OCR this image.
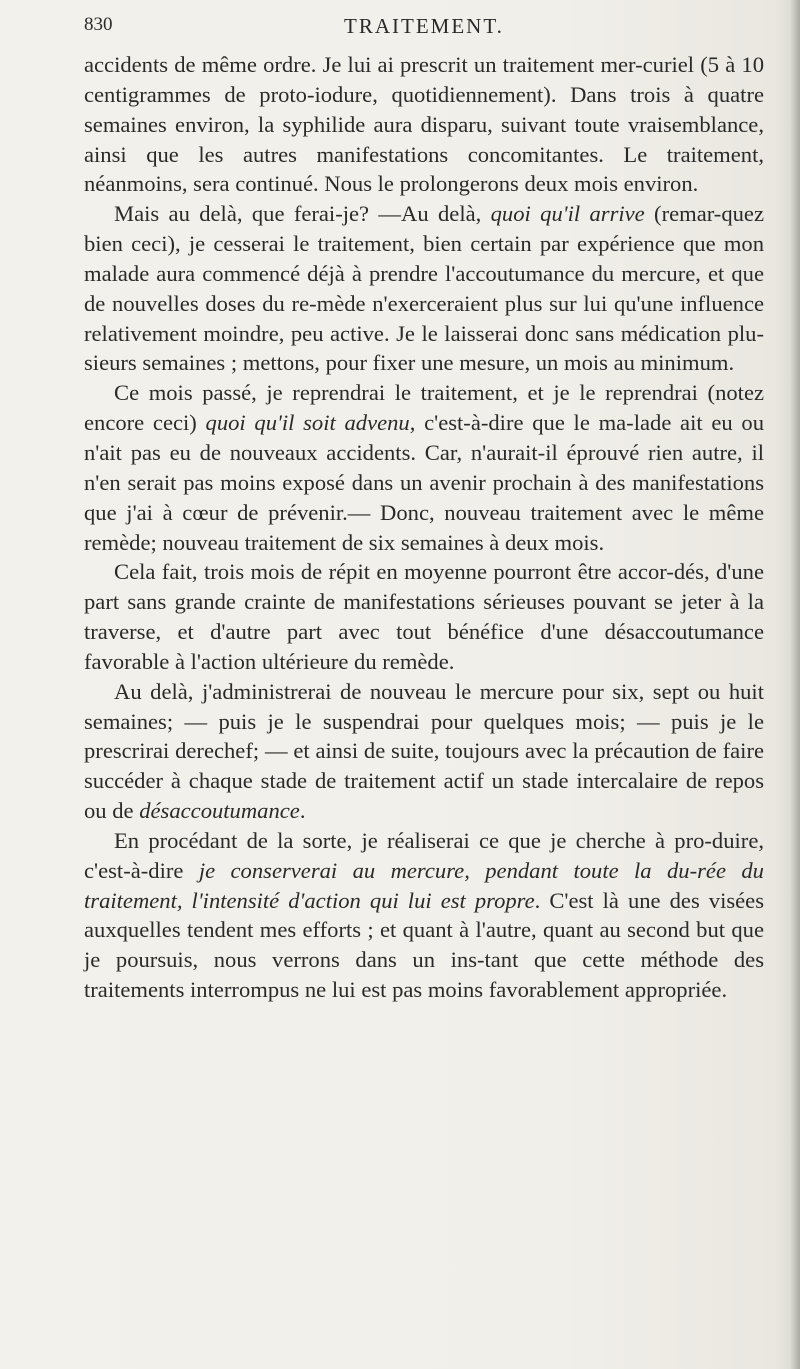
830	TRAITEMENT.

accidents de même ordre. Je lui ai prescrit un traitement mer-curiel (5 à 10 centigrammes de proto-iodure, quotidiennement). Dans trois à quatre semaines environ, la syphilide aura disparu, suivant toute vraisemblance, ainsi que les autres manifestations concomitantes. Le traitement, néanmoins, sera continué. Nous le prolongerons deux mois environ.

Mais au delà, que ferai-je? —Au delà, quoi qu'il arrive (remar-quez bien ceci), je cesserai le traitement, bien certain par expérience que mon malade aura commencé déjà à prendre l'accoutumance du mercure, et que de nouvelles doses du re-mède n'exerceraient plus sur lui qu'une influence relativement moindre, peu active. Je le laisserai donc sans médication plu-sieurs semaines ; mettons, pour fixer une mesure, un mois au minimum.

Ce mois passé, je reprendrai le traitement, et je le reprendrai (notez encore ceci) quoi qu'il soit advenu, c'est-à-dire que le ma-lade ait eu ou n'ait pas eu de nouveaux accidents. Car, n'aurait-il éprouvé rien autre, il n'en serait pas moins exposé dans un avenir prochain à des manifestations que j'ai à cœur de prévenir.— Donc, nouveau traitement avec le même remède; nouveau traitement de six semaines à deux mois.

Cela fait, trois mois de répit en moyenne pourront être accor-dés, d'une part sans grande crainte de manifestations sérieuses pouvant se jeter à la traverse, et d'autre part avec tout bénéfice d'une désaccoutumance favorable à l'action ultérieure du remède.

Au delà, j'administrerai de nouveau le mercure pour six, sept ou huit semaines; — puis je le suspendrai pour quelques mois; — puis je le prescrirai derechef; — et ainsi de suite, toujours avec la précaution de faire succéder à chaque stade de traitement actif un stade intercalaire de repos ou de désaccoutumance.

En procédant de la sorte, je réaliserai ce que je cherche à pro-duire, c'est-à-dire je conserverai au mercure, pendant toute la du-rée du traitement, l'intensité d'action qui lui est propre. C'est là une des visées auxquelles tendent mes efforts ; et quant à l'autre, quant au second but que je poursuis, nous verrons dans un ins-tant que cette méthode des traitements interrompus ne lui est pas moins favorablement appropriée.
